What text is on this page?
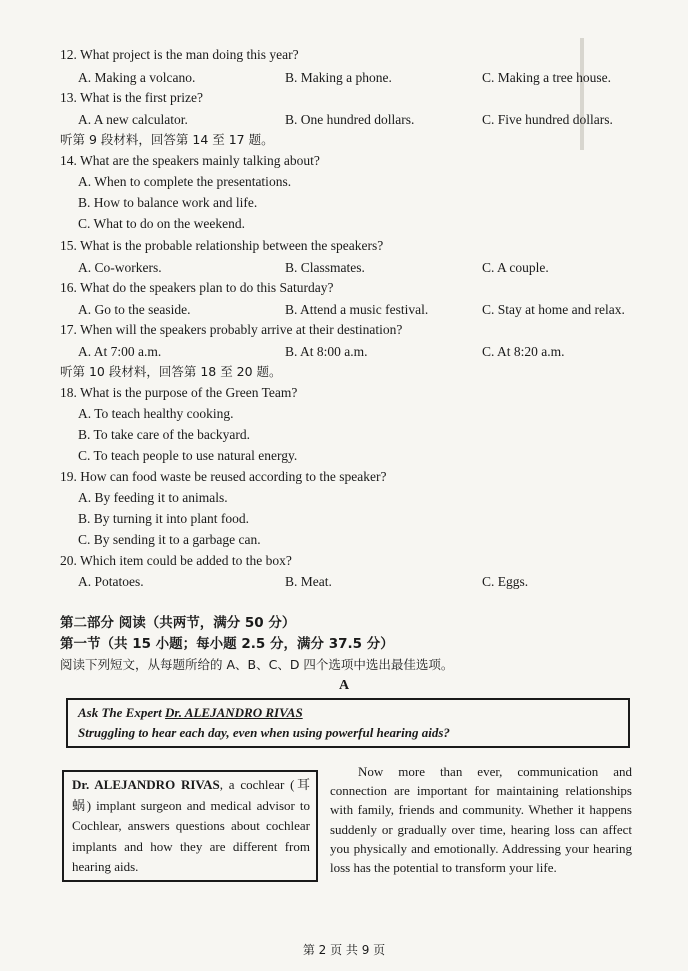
12. What project is the man doing this year?
A. Making a volcano.	B. Making a phone.	C. Making a tree house.
13. What is the first prize?
A. A new calculator.	B. One hundred dollars.	C. Five hundred dollars.
听第 9 段材料，回答第 14 至 17 题。
14. What are the speakers mainly talking about?
A. When to complete the presentations.
B. How to balance work and life.
C. What to do on the weekend.
15. What is the probable relationship between the speakers?
A. Co-workers.	B. Classmates.	C. A couple.
16. What do the speakers plan to do this Saturday?
A. Go to the seaside.	B. Attend a music festival.	C. Stay at home and relax.
17. When will the speakers probably arrive at their destination?
A. At 7:00 a.m.	B. At 8:00 a.m.	C. At 8:20 a.m.
听第 10 段材料，回答第 18 至 20 题。
18. What is the purpose of the Green Team?
A. To teach healthy cooking.
B. To take care of the backyard.
C. To teach people to use natural energy.
19. How can food waste be reused according to the speaker?
A. By feeding it to animals.
B. By turning it into plant food.
C. By sending it to a garbage can.
20. Which item could be added to the box?
A. Potatoes.	B. Meat.	C. Eggs.
第二部分 阅读（共两节，满分 50 分）
第一节（共 15 小题；每小题 2.5 分，满分 37.5 分）
阅读下列短文，从每题所给的 A、B、C、D 四个选项中选出最佳选项。
A
Ask The Expert Dr. ALEJANDRO RIVAS
Struggling to hear each day, even when using powerful hearing aids?
Dr. ALEJANDRO RIVAS, a cochlear (耳蜗) implant surgeon and medical advisor to Cochlear, answers questions about cochlear implants and how they are different from hearing aids.
Now more than ever, communication and connection are important for maintaining relationships with family, friends and community. Whether it happens suddenly or gradually over time, hearing loss can affect you physically and emotionally. Addressing your hearing loss has the potential to transform your life.
第 2 页 共 9 页
